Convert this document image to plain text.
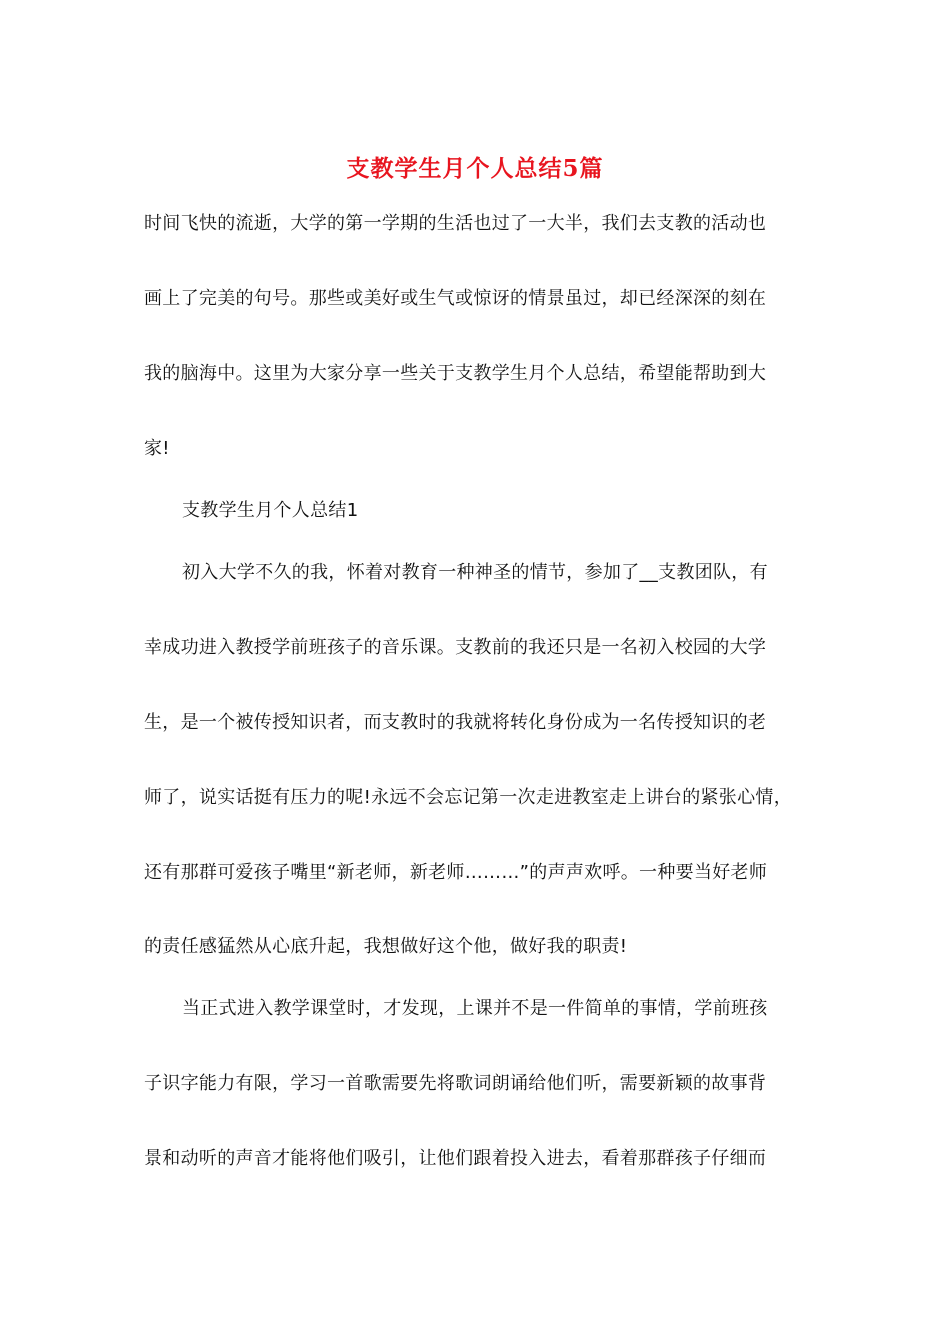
支教学生月个人总结5篇
时间飞快的流逝，大学的第一学期的生活也过了一大半，我们去支教的活动也
画上了完美的句号。那些或美好或生气或惊讶的情景虽过，却已经深深的刻在
我的脑海中。这里为大家分享一些关于支教学生月个人总结，希望能帮助到大
家!
支教学生月个人总结1
初入大学不久的我，怀着对教育一种神圣的情节，参加了__支教团队，有
幸成功进入教授学前班孩子的音乐课。支教前的我还只是一名初入校园的大学
生，是一个被传授知识者，而支教时的我就将转化身份成为一名传授知识的老
师了，说实话挺有压力的呢!永远不会忘记第一次走进教室走上讲台的紧张心情，
还有那群可爱孩子嘴里“新老师，新老师………”的声声欢呼。一种要当好老师
的责任感猛然从心底升起，我想做好这个他，做好我的职责!
当正式进入教学课堂时，才发现，上课并不是一件简单的事情，学前班孩
子识字能力有限，学习一首歌需要先将歌词朗诵给他们听，需要新颖的故事背
景和动听的声音才能将他们吸引，让他们跟着投入进去，看着那群孩子仔细而
